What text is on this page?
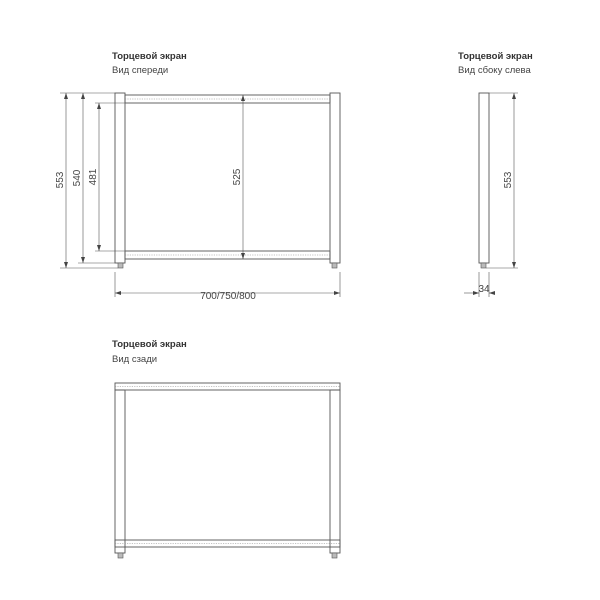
Торцевой экран
Вид спереди
553 540 481	525
700/750/800
Торцевой экран
Вид сбоку слева
553
34
Торцевой экран
Вид сзади
